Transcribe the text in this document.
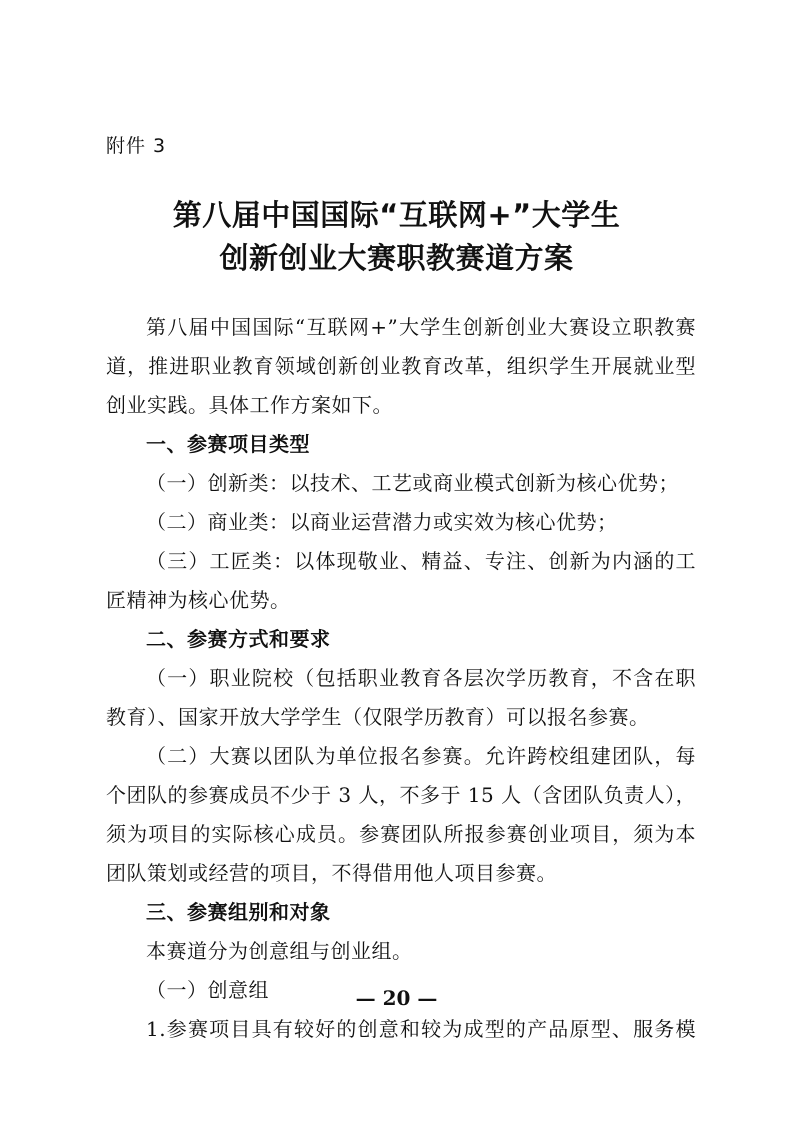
附件 3
第八届中国国际“互联网+”大学生
创新创业大赛职教赛道方案
第八届中国国际“互联网+”大学生创新创业大赛设立职教赛
道，推进职业教育领域创新创业教育改革，组织学生开展就业型
创业实践。具体工作方案如下。
一、参赛项目类型
（一）创新类：以技术、工艺或商业模式创新为核心优势；
（二）商业类：以商业运营潜力或实效为核心优势；
（三）工匠类：以体现敬业、精益、专注、创新为内涵的工
匠精神为核心优势。
二、参赛方式和要求
（一）职业院校（包括职业教育各层次学历教育，不含在职
教育）、国家开放大学学生（仅限学历教育）可以报名参赛。
（二）大赛以团队为单位报名参赛。允许跨校组建团队，每
个团队的参赛成员不少于 3 人，不多于 15 人（含团队负责人），
须为项目的实际核心成员。参赛团队所报参赛创业项目，须为本
团队策划或经营的项目，不得借用他人项目参赛。
三、参赛组别和对象
本赛道分为创意组与创业组。
（一）创意组
1.参赛项目具有较好的创意和较为成型的产品原型、服务模
— 20 —
